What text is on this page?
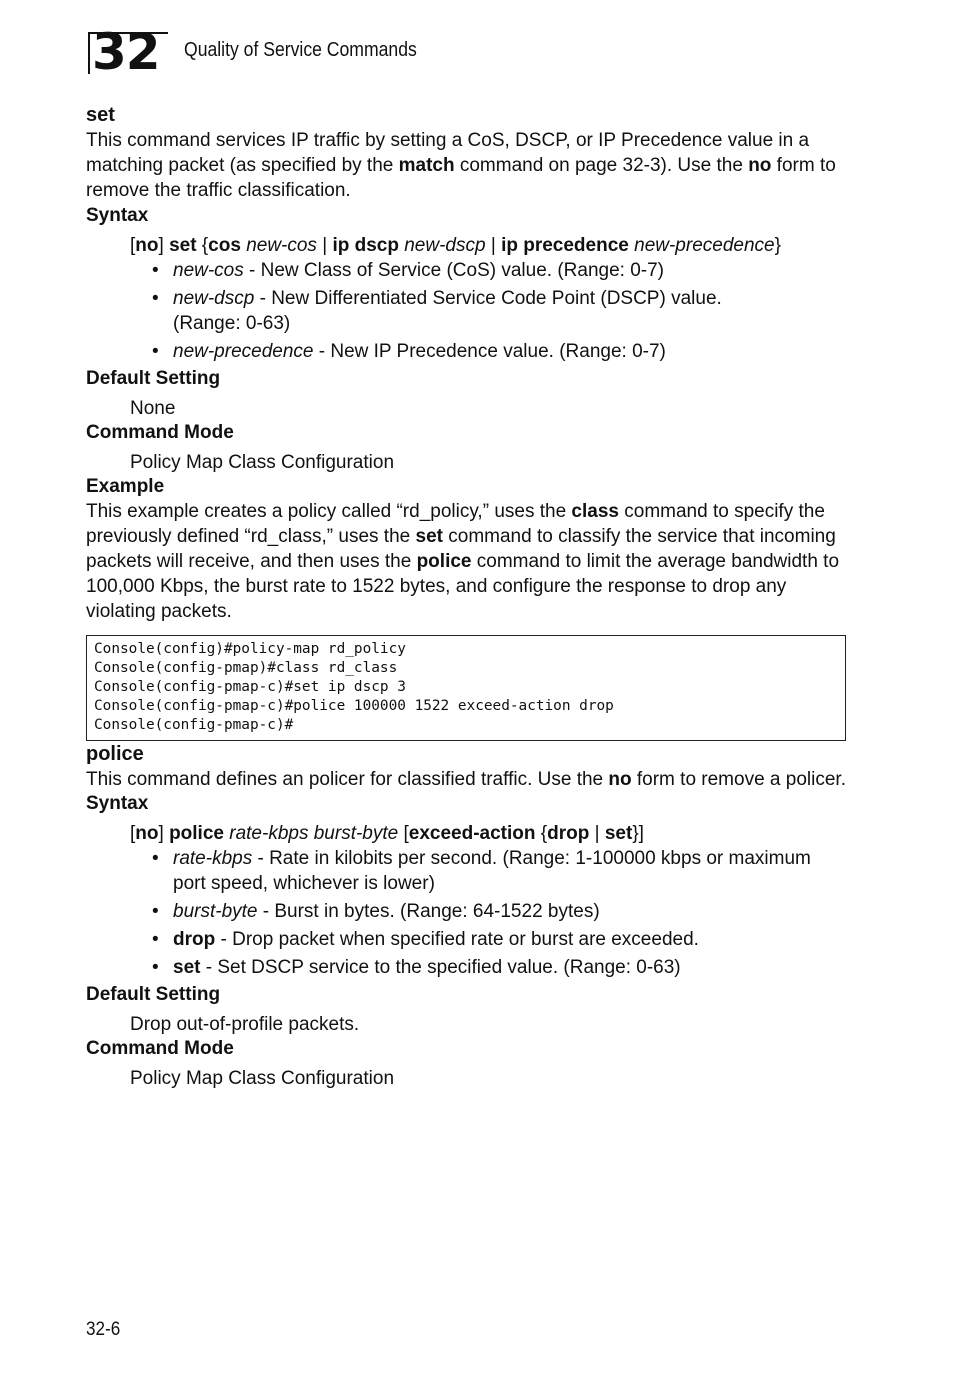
32 Quality of Service Commands
set

This command services IP traffic by setting a CoS, DSCP, or IP Precedence value in a matching packet (as specified by the match command on page 32-3). Use the no form to remove the traffic classification.

Syntax
[no] set {cos new-cos | ip dscp new-dscp | ip precedence new-precedence}
• new-cos - New Class of Service (CoS) value. (Range: 0-7)
• new-dscp - New Differentiated Service Code Point (DSCP) value.
(Range: 0-63)
• new-precedence - New IP Precedence value. (Range: 0-7)
Default Setting
None
Command Mode
Policy Map Class Configuration
Example

This example creates a policy called “rd_policy,” uses the class command to specify the previously defined “rd_class,” uses the set command to classify the service that incoming packets will receive, and then uses the police command to limit the average bandwidth to 100,000 Kbps, the burst rate to 1522 bytes, and configure the response to drop any violating packets.

Console(config)#policy-map rd_policy
Console(config-pmap)#class rd_class
Console(config-pmap-c)#set ip dscp 3
Console(config-pmap-c)#police 100000 1522 exceed-action drop
Console(config-pmap-c)#
police

This command defines an policer for classified traffic. Use the no form to remove a policer.

Syntax
[no] police rate-kbps burst-byte [exceed-action {drop | set}]
• rate-kbps - Rate in kilobits per second. (Range: 1-100000 kbps or maximum
port speed, whichever is lower)
• burst-byte - Burst in bytes. (Range: 64-1522 bytes)
• drop - Drop packet when specified rate or burst are exceeded.
• set - Set DSCP service to the specified value. (Range: 0-63)
Default Setting
Drop out-of-profile packets.
Command Mode
Policy Map Class Configuration
32-6
